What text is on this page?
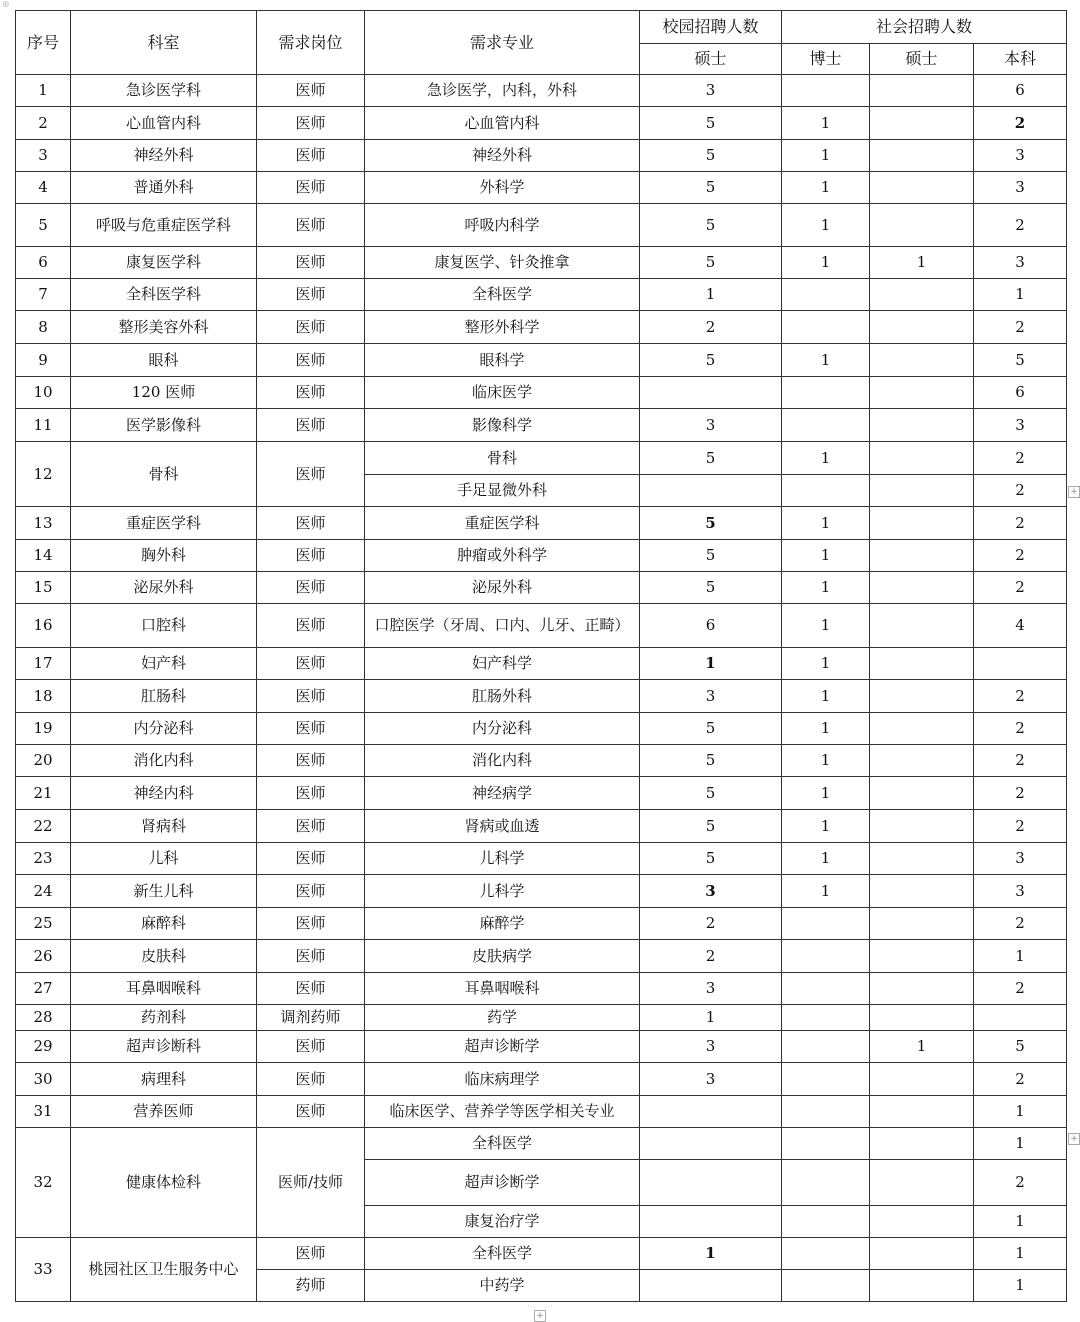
序号	科室	需求岗位	需求专业	校园招聘人数	社会招聘人数		
				硕士	博士	硕士	本科
1	急诊医学科	医师	急诊医学，内科，外科	3			6
2	心血管内科	医师	心血管内科	5	1		2
3	神经外科	医师	神经外科	5	1		3
4	普通外科	医师	外科学	5	1		3
5	呼吸与危重症医学科	医师	呼吸内科学	5	1		2
6	康复医学科	医师	康复医学、针灸推拿	5	1	1	3
7	全科医学科	医师	全科医学	1			1
8	整形美容外科	医师	整形外科学	2			2
9	眼科	医师	眼科学	5	1		5
10	120 医师	医师	临床医学				6
11	医学影像科	医师	影像科学	3			3
12	骨科	医师	骨科	5	1		2
			手足显微外科				2
13	重症医学科	医师	重症医学科	5	1		2
14	胸外科	医师	肿瘤或外科学	5	1		2
15	泌尿外科	医师	泌尿外科	5	1		2
16	口腔科	医师	口腔医学（牙周、口内、儿牙、正畸）	6	1		4
17	妇产科	医师	妇产科学	1	1		
18	肛肠科	医师	肛肠外科	3	1		2
19	内分泌科	医师	内分泌科	5	1		2
20	消化内科	医师	消化内科	5	1		2
21	神经内科	医师	神经病学	5	1		2
22	肾病科	医师	肾病或血透	5	1		2
23	儿科	医师	儿科学	5	1		3
24	新生儿科	医师	儿科学	3	1		3
25	麻醉科	医师	麻醉学	2			2
26	皮肤科	医师	皮肤病学	2			1
27	耳鼻咽喉科	医师	耳鼻咽喉科	3			2
28	药剂科	调剂药师	药学	1			
29	超声诊断科	医师	超声诊断学	3		1	5
30	病理科	医师	临床病理学	3			2
31	营养医师	医师	临床医学、营养学等医学相关专业				1
32	健康体检科	医师/技师	全科医学				1
			超声诊断学				2
			康复治疗学				1
33	桃园社区卫生服务中心	医师	全科医学	1			1
		药师	中药学				1
+
+
+
⊕
